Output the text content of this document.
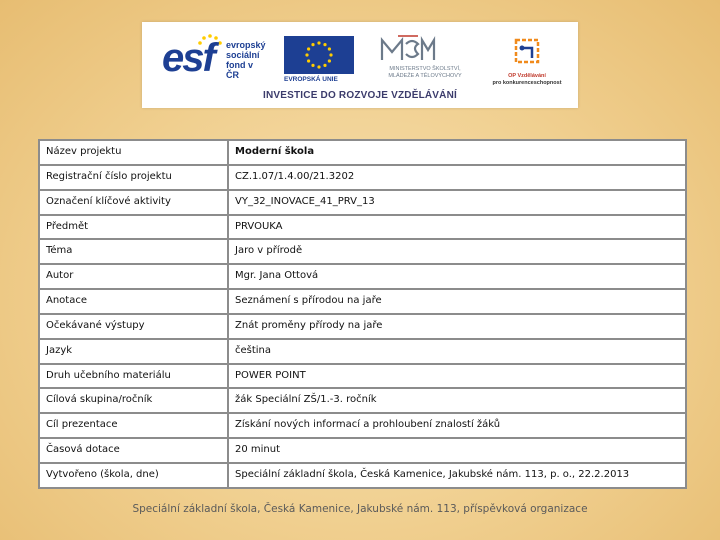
esf evropský
sociální
fond v ČR	EVROPSKÁ UNIE
MINISTERSTVO ŠKOLSTVÍ,
MLÁDEŽE A TĚLOVÝCHOVY	OP Vzdělávání
pro konkurenceschopnost
INVESTICE DO ROZVOJE VZDĚLÁVÁNÍ
Název projektu	Moderní škola
Registrační číslo projektu	CZ.1.07/1.4.00/21.3202
Označení klíčové aktivity	VY_32_INOVACE_41_PRV_13
Předmět	PRVOUKA
Téma	Jaro v přírodě
Autor	Mgr. Jana Ottová
Anotace	Seznámení s přírodou na jaře
Očekávané výstupy	Znát proměny přírody na jaře
Jazyk	čeština
Druh učebního materiálu	POWER POINT
Cílová skupina/ročník	žák Speciální ZŠ/1.-3. ročník
Cíl prezentace	Získání nových informací a prohloubení znalostí žáků
Časová dotace	20 minut
Vytvořeno (škola, dne)	Speciální základní škola, Česká Kamenice, Jakubské nám. 113, p. o., 22.2.2013
Speciální základní škola, Česká Kamenice, Jakubské nám. 113, příspěvková organizace
